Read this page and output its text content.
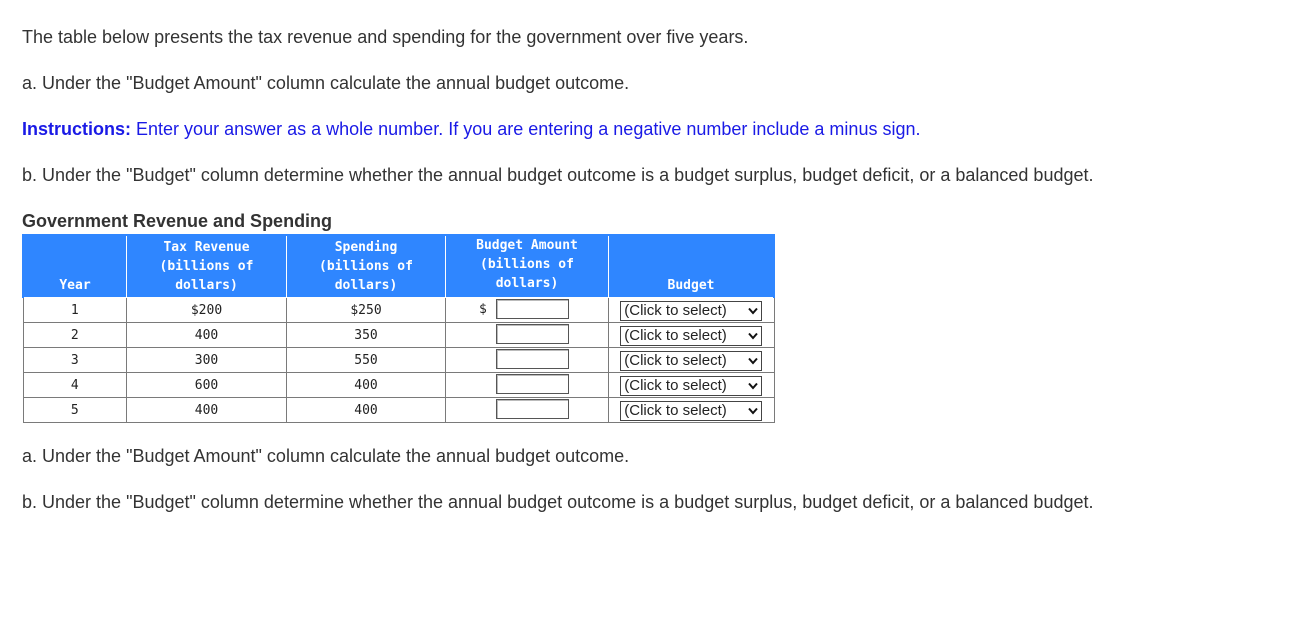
The table below presents the tax revenue and spending for the government over five years.

a. Under the "Budget Amount" column calculate the annual budget outcome.

Instructions: Enter your answer as a whole number. If you are entering a negative number include a minus sign.

b. Under the "Budget" column determine whether the annual budget outcome is a budget surplus, budget deficit, or a balanced budget.

Government Revenue and Spending
Year	Tax Revenue
(billions of
dollars)	Spending
(billions of
dollars)	Budget Amount
(billions of
dollars)	Budget

1	$200	$250	$	(Click to select)

2	400	350		(Click to select)

3	300	550		(Click to select)

4	600	400		(Click to select)

5	400	400		(Click to select)

a. Under the "Budget Amount" column calculate the annual budget outcome.

b. Under the "Budget" column determine whether the annual budget outcome is a budget surplus, budget deficit, or a balanced budget.
